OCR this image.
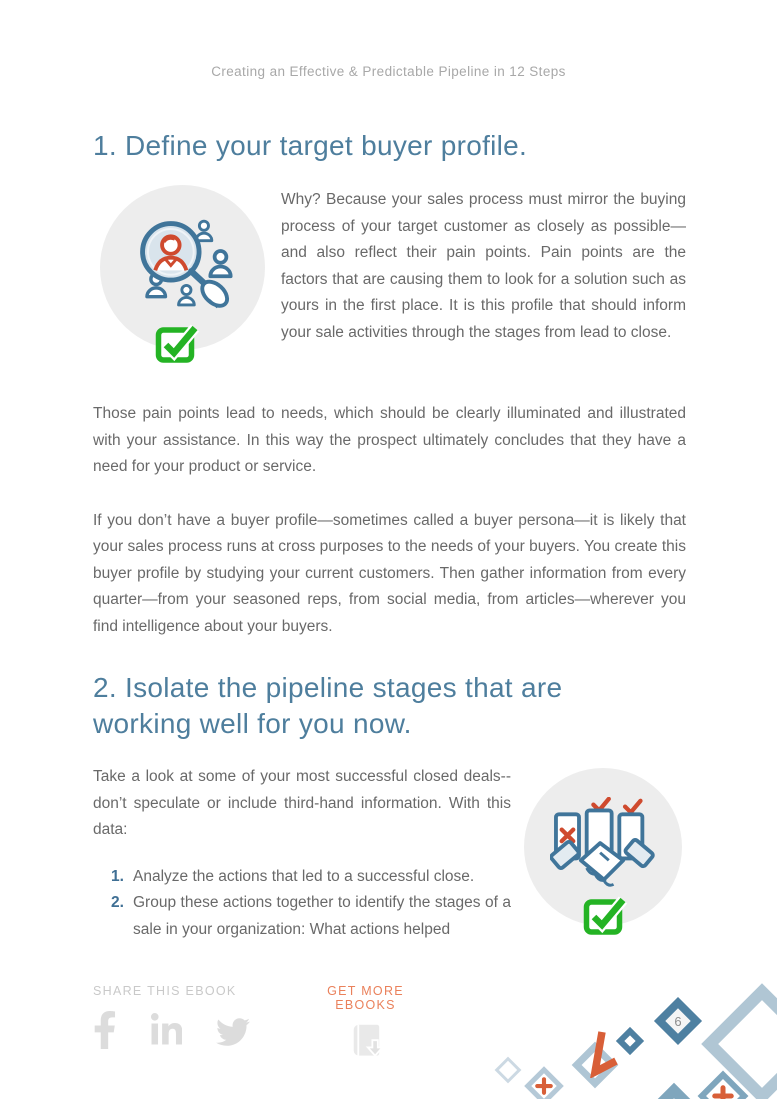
Creating an Effective & Predictable Pipeline in 12 Steps
1. Define your target buyer profile.

Why? Because your sales process must mirror the buying process of your target customer as closely as possible—and also reflect their pain points. Pain points are the factors that are causing them to look for a solution such as yours in the first place. It is this profile that should inform your sale activities through the stages from lead to close.

Those pain points lead to needs, which should be clearly illuminated and illustrated with your assistance. In this way the prospect ultimately concludes that they have a need for your product or service.

If you don’t have a buyer profile—sometimes called a buyer persona—it is likely that your sales process runs at cross purposes to the needs of your buyers. You create this buyer profile by studying your current customers. Then gather information from every quarter—from your seasoned reps, from social media, from articles—wherever you find intelligence about your buyers.

2. Isolate the pipeline stages that are
working well for you now.

Take a look at some of your most successful closed deals--don’t speculate or include third-hand information. With this data:

1. Analyze the actions that led to a successful close.
2. Group these actions together to identify the stages of a sale in your organization: What actions helped
SHARE THIS EBOOK	GET MORE EBOOKS
6
